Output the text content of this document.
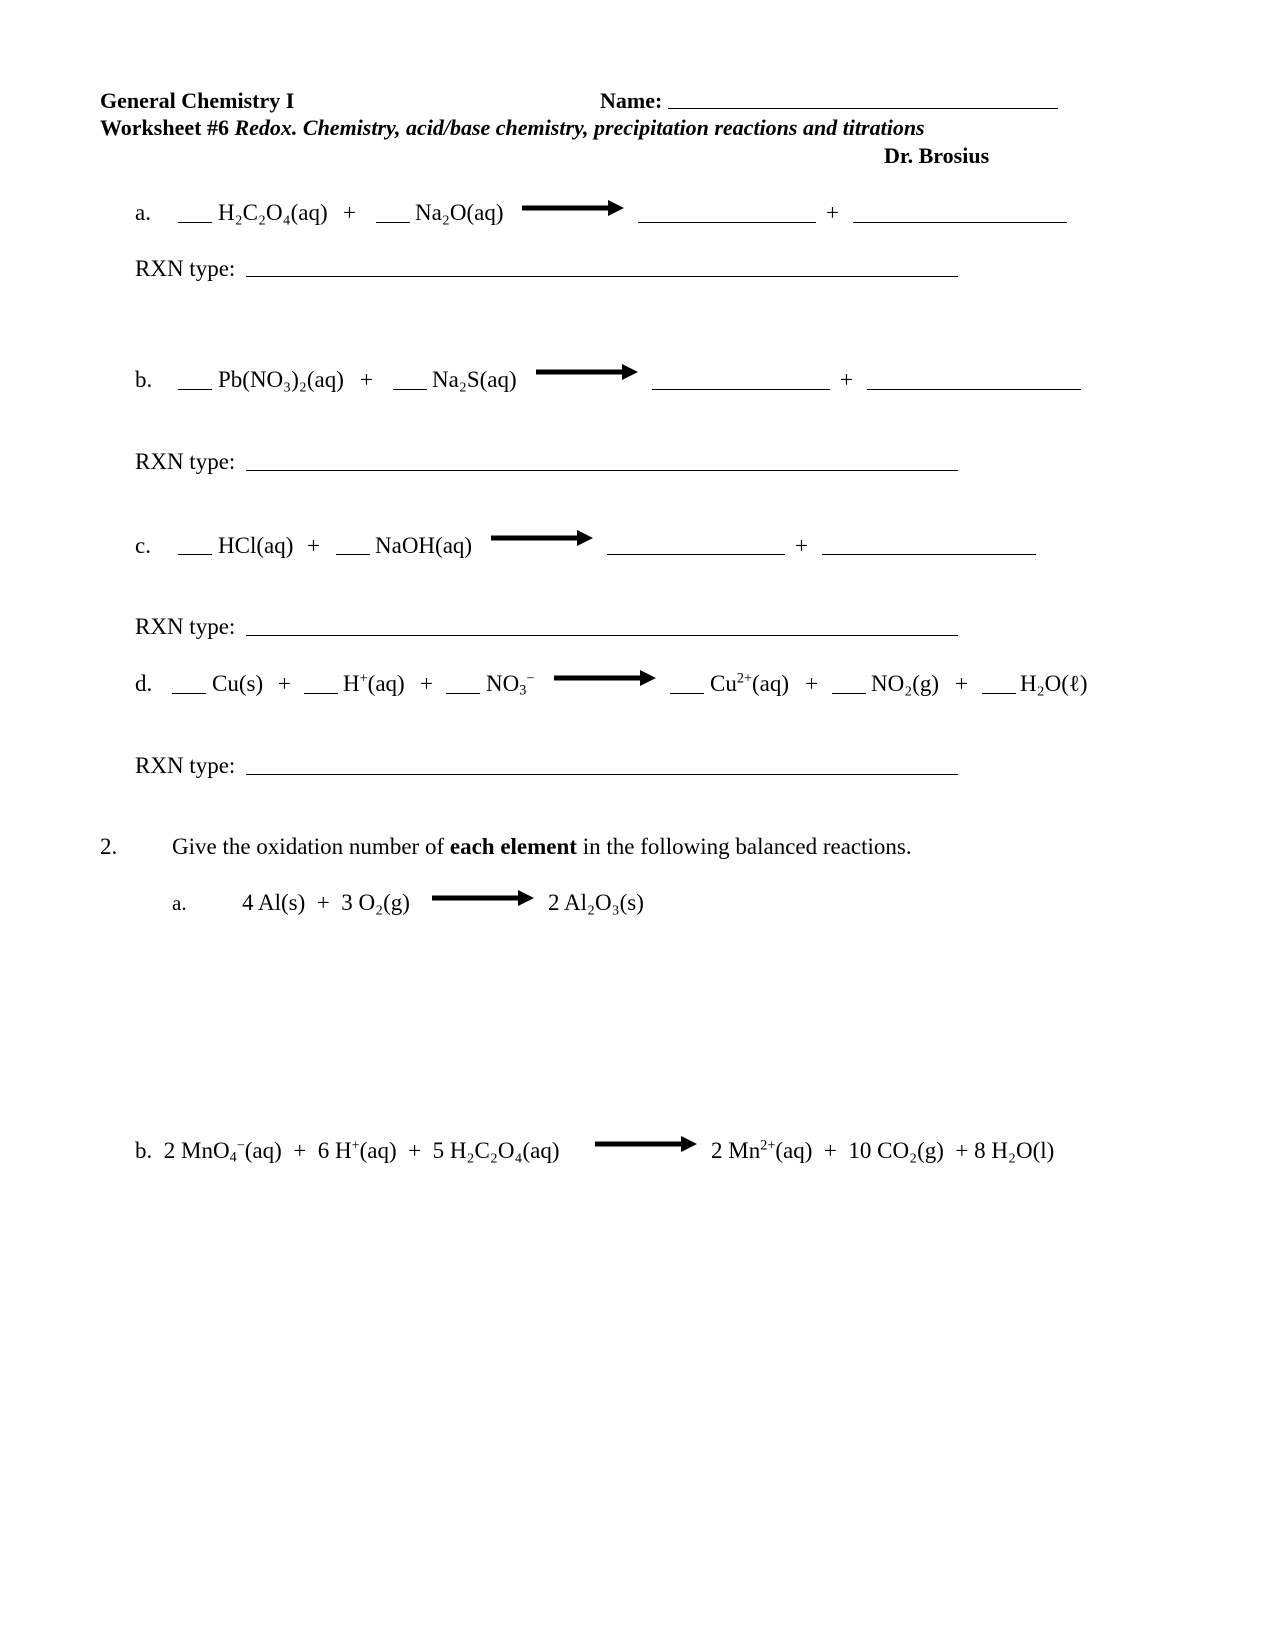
General Chemistry I	Name:
Worksheet #6 Redox. Chemistry, acid/base chemistry, precipitation reactions and titrations
Dr. Brosius
a.	H₂C₂O₄(aq) +	Na₂O(aq)	+
RXN type:
b.	Pb(NO₃)₂(aq) +	Na₂S(aq)	+
RXN type:
c.	HCl(aq) + NaOH(aq)	+
RXN type:
d.	$Cu(s) + H^+(aq) + NO_3^-$	$Cu^{2+}(aq) + NO_2(g)$ + H₂O(ℓ)
RXN type:
2. Give the oxidation number of each element in the following balanced reactions.
a. 4 Al(s)  +  3 O₂(g)	2 Al₂O₃(s)
b. 2 MnO$_4$−(aq)  +  6 H+(aq)  +  5 H₂C₂O₄(aq)	2 $Mn^{2+}(aq) + 10$ CO₂(g)  + 8 H₂O(l)
